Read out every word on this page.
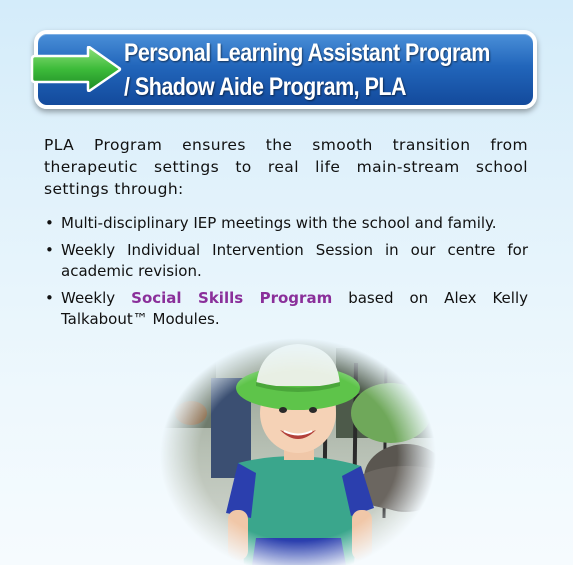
Personal Learning Assistant Program
/ Shadow Aide Program, PLA

PLA Program ensures the smooth transition from therapeutic settings to real life main-stream school settings through:

• Multi-disciplinary IEP meetings with the school and family.
• Weekly Individual Intervention Session in our centre for academic revision.
• Weekly Social Skills Program based on Alex Kelly Talkabout™ Modules.
